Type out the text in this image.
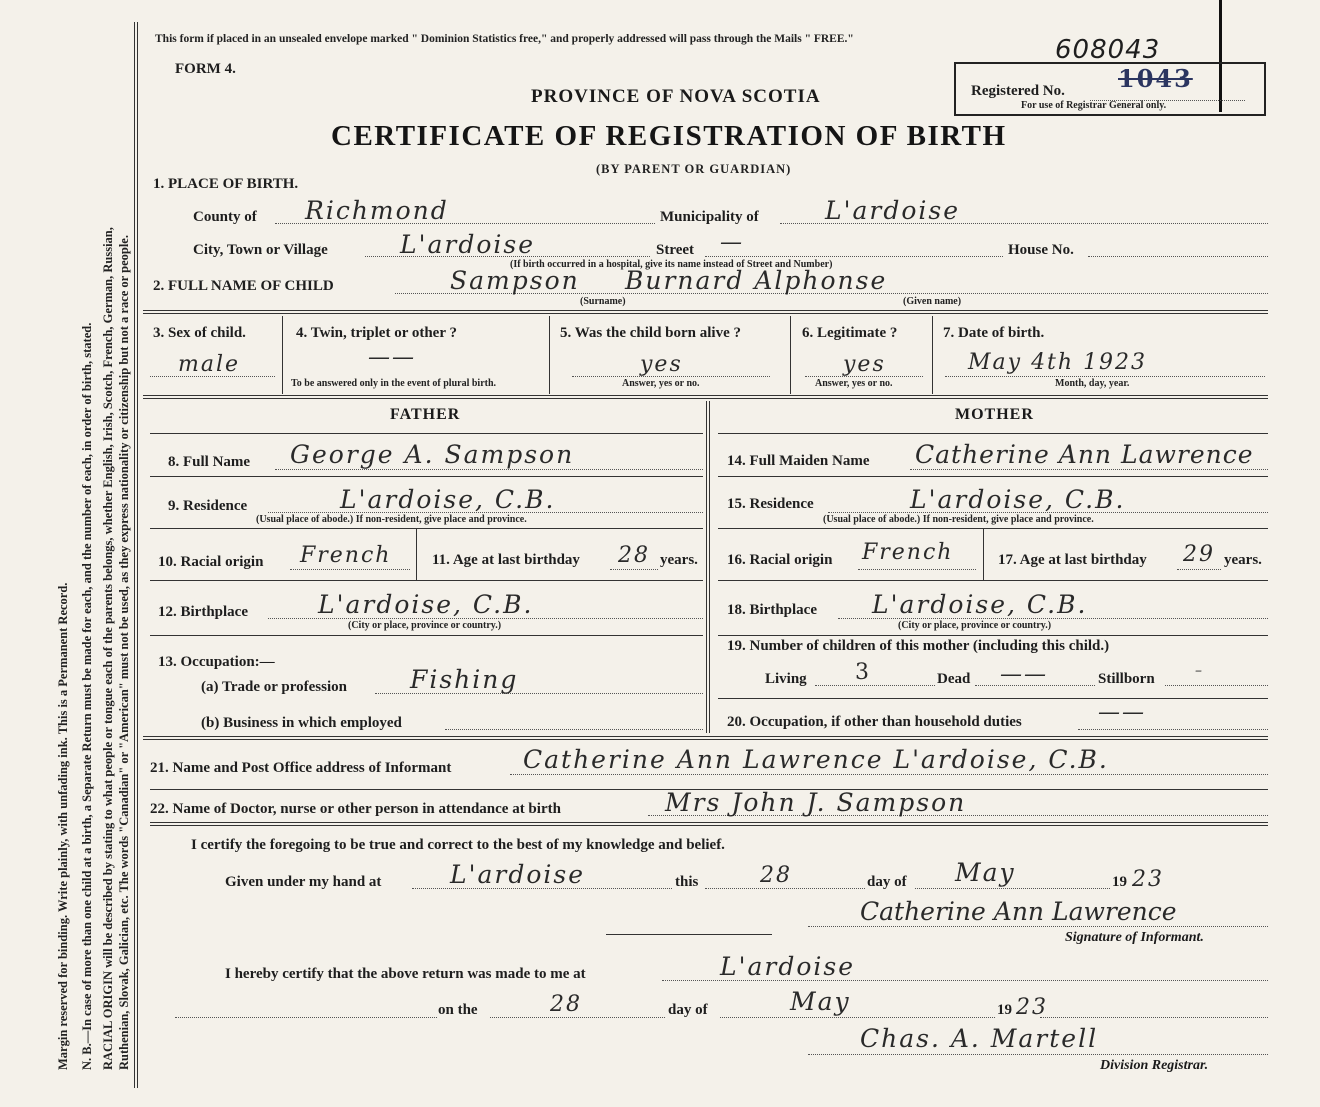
Margin reserved for binding. Write plainly, with unfading ink. This is a Permanent Record. N. B.—In case of more than one child at a birth, a Separate Return must be made for each, and the number of each, in order of birth, stated. RACIAL ORIGIN will be described by stating to what people or tongue each of the parents belongs, whether English, Irish, Scotch, French, German, Russian, Ruthenian, Slovak, Galician, etc. The words "Canadian" or "American" must not be used, as they express nationality or citizenship but not a race or people.
This form if placed in an unsealed envelope marked " Dominion Statistics free," and properly addressed will pass through the Mails " FREE."
FORM 4.
PROVINCE OF NOVA SCOTIA
CERTIFICATE OF REGISTRATION OF BIRTH
(BY PARENT OR GUARDIAN)
608043
Registered No. 1043
For use of Registrar General only.
1. PLACE OF BIRTH.
County of Richmond	Municipality of	L'ardoise
City, Town or Village	L'ardoise	Street —	House No.
(If birth occurred in a hospital, give its name instead of Street and Number)
2. FULL NAME OF CHILD	Sampson Burnard Alphonse
(Surname)	(Given name)
3. Sex of child.
male
4. Twin, triplet or other ?
——
To be answered only in the event of plural birth.
5. Was the child born alive ?
yes
Answer, yes or no.
6. Legitimate ?
yes
Answer, yes or no.
7. Date of birth.
May 4th 1923
Month, day, year.
FATHER	MOTHER
8. Full Name George A. Sampson	14. Full Maiden Name Catherine Ann Lawrence
9. Residence	L'ardoise, C.B.
(Usual place of abode.) If non-resident, give place and province.
15. Residence	L'ardoise, C.B.
(Usual place of abode.) If non-resident, give place and province.
10. Racial origin French	11. Age at last birthday 28 years. 16. Racial origin French	17. Age at last birthday 29 years.
12. Birthplace	L'ardoise, C.B.
(City or place, province or country.)
18. Birthplace L'ardoise, C.B.
(City or place, province or country.)
13. Occupation:—
(a) Trade or profession	Fishing
(b) Business in which employed
19. Number of children of this mother (including this child.)
Living 3	Dead ——	Stillborn	–
20. Occupation, if other than household duties	——
21. Name and Post Office address of Informant	Catherine Ann Lawrence L'ardoise, C.B.
22. Name of Doctor, nurse or other person in attendance at birth	Mrs John J. Sampson
I certify the foregoing to be true and correct to the best of my knowledge and belief.
Given under my hand at	L'ardoise	this	28	day of May	19 23
Catherine Ann Lawrence
Signature of Informant.
I hereby certify that the above return was made to me at	L'ardoise
on the	28	day of	May	19 23
Chas. A. Martell
Division Registrar.
